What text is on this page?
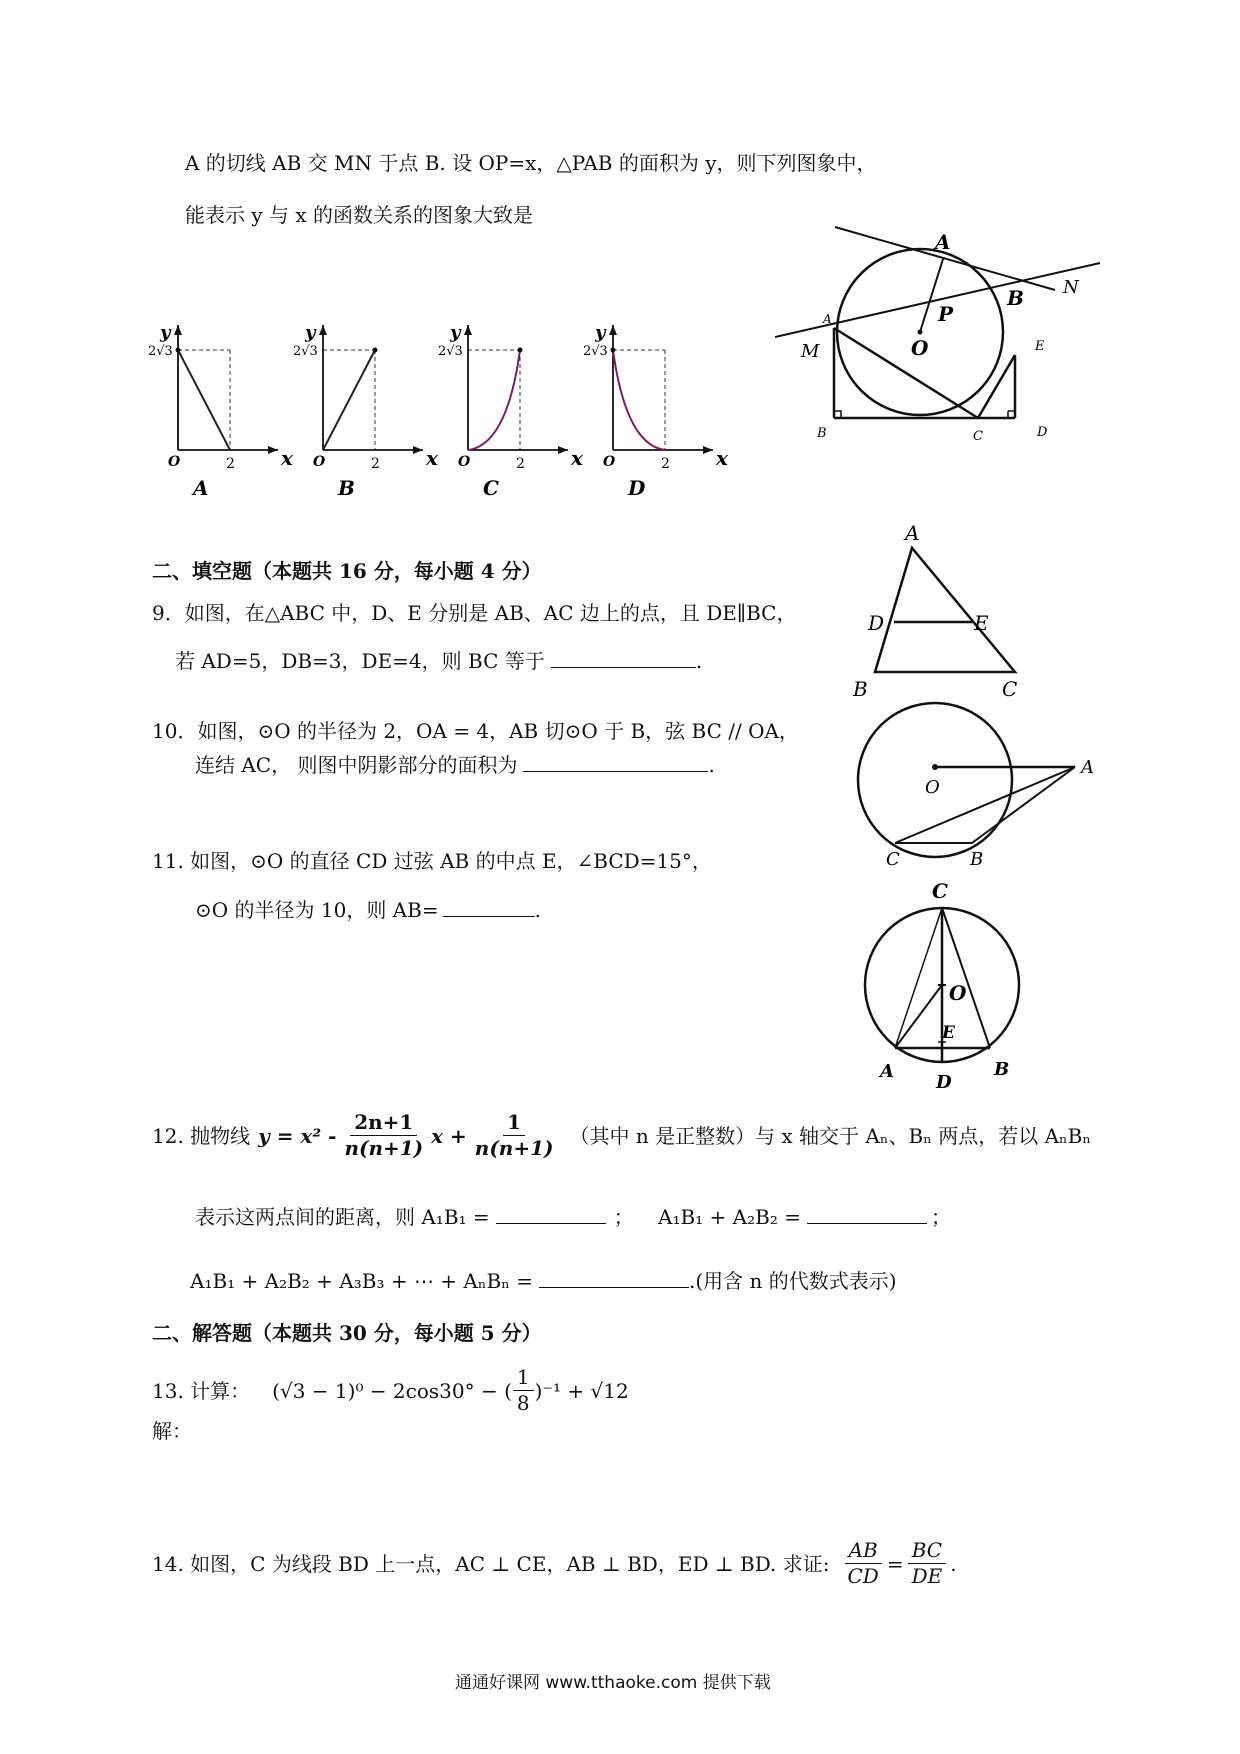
A 的切线 AB 交 MN 于点 B. 设 OP=x，△PAB 的面积为 y，则下列图象中，
能表示 y 与 x 的函数关系的图象大致是
y
x
O
2√3
2
A
y
x
O
2√3
2
B
y
x
O
2√3
2
C
y
x
O
2√3
2
D
A
B N
P
O
M
A
B	C	D
E
二、填空题（本题共 16 分，每小题 4 分）
9．如图，在△ABC 中，D、E 分别是 AB、AC 边上的点，且 DE∥BC，
若 AD=5，DB=3，DE=4，则 BC 等于	.
A
D	E
B	C
10．如图，⊙O 的半径为 2，OA = 4，AB 切⊙O 于 B，弦 BC // OA，
连结 AC， 则图中阴影部分的面积为	.
O
A
C	B
11. 如图，⊙O 的直径 CD 过弦 AB 的中点 E，∠BCD=15°，
⊙O 的半径为 10，则 AB=	.
C
O
E
A
D
B
12. 抛物线 $y = x^2 - \frac{2n+1}{n(n+1)}$ $x + \frac{1}{n(n+1)}$ （其中 n 是正整数）与 x 轴交于 Aₙ、Bₙ 两点，若以 AₙBₙ
表示这两点间的距离，则 A₁B₁ =	； A₁B₁ + A₂B₂ =	；
A₁B₁ + A₂B₂ + A₃B₃ + ⋯ + AₙBₙ =	.(用含 n 的代数式表示)
二、解答题（本题共 30 分，每小题 5 分）
13. 计算： (√3 − 1)⁰ − 2cos30° − ( $\frac{1}{8} )^{-1} + √12$
解：
14. 如图，C 为线段 BD 上一点，AC ⊥ CE，AB ⊥ BD，ED ⊥ BD. 求证: $\frac{AB}{CD} = \frac{BC}{DE}$ .
通通好课网 www.tthaoke.com 提供下载
